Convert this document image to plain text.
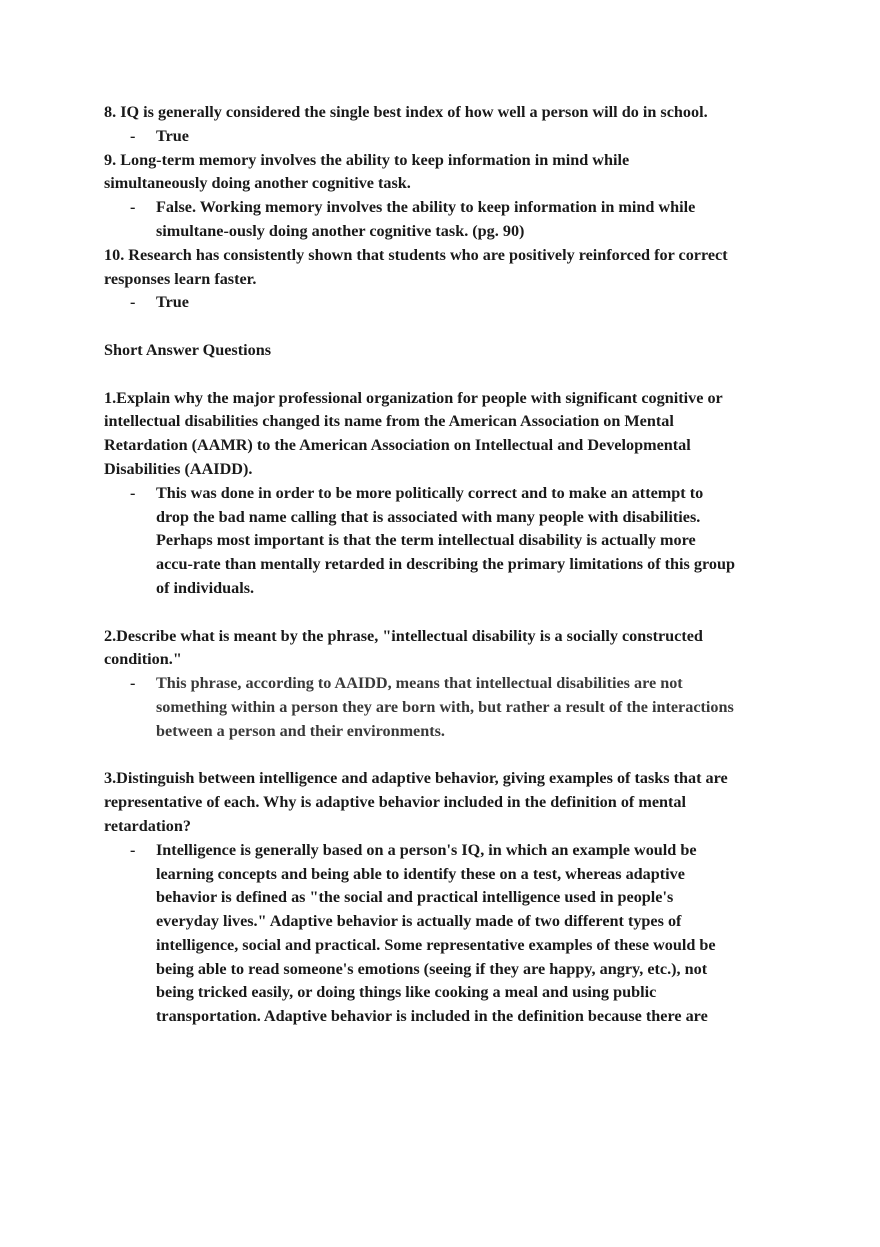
8. IQ is generally considered the single best index of how well a person will do in school.
- True
9. Long-term memory involves the ability to keep information in mind while
simultaneously doing another cognitive task.
- False. Working memory involves the ability to keep information in mind while
simultane-ously doing another cognitive task. (pg. 90)
10. Research has consistently shown that students who are positively reinforced for correct
responses learn faster.
- True
Short Answer Questions
1.Explain why the major professional organization for people with significant cognitive or
intellectual disabilities changed its name from the American Association on Mental
Retardation (AAMR) to the American Association on Intellectual and Developmental
Disabilities (AAIDD).
- This was done in order to be more politically correct and to make an attempt to
drop the bad name calling that is associated with many people with disabilities.
Perhaps most important is that the term intellectual disability is actually more
accu-rate than mentally retarded in describing the primary limitations of this group
of individuals.
2.Describe what is meant by the phrase, "intellectual disability is a socially constructed
condition."
- This phrase, according to AAIDD, means that intellectual disabilities are not
something within a person they are born with, but rather a result of the interactions
between a person and their environments.
3.Distinguish between intelligence and adaptive behavior, giving examples of tasks that are
representative of each. Why is adaptive behavior included in the definition of mental
retardation?
- Intelligence is generally based on a person's IQ, in which an example would be
learning concepts and being able to identify these on a test, whereas adaptive
behavior is defined as "the social and practical intelligence used in people's
everyday lives." Adaptive behavior is actually made of two different types of
intelligence, social and practical. Some representative examples of these would be
being able to read someone's emotions (seeing if they are happy, angry, etc.), not
being tricked easily, or doing things like cooking a meal and using public
transportation. Adaptive behavior is included in the definition because there are
